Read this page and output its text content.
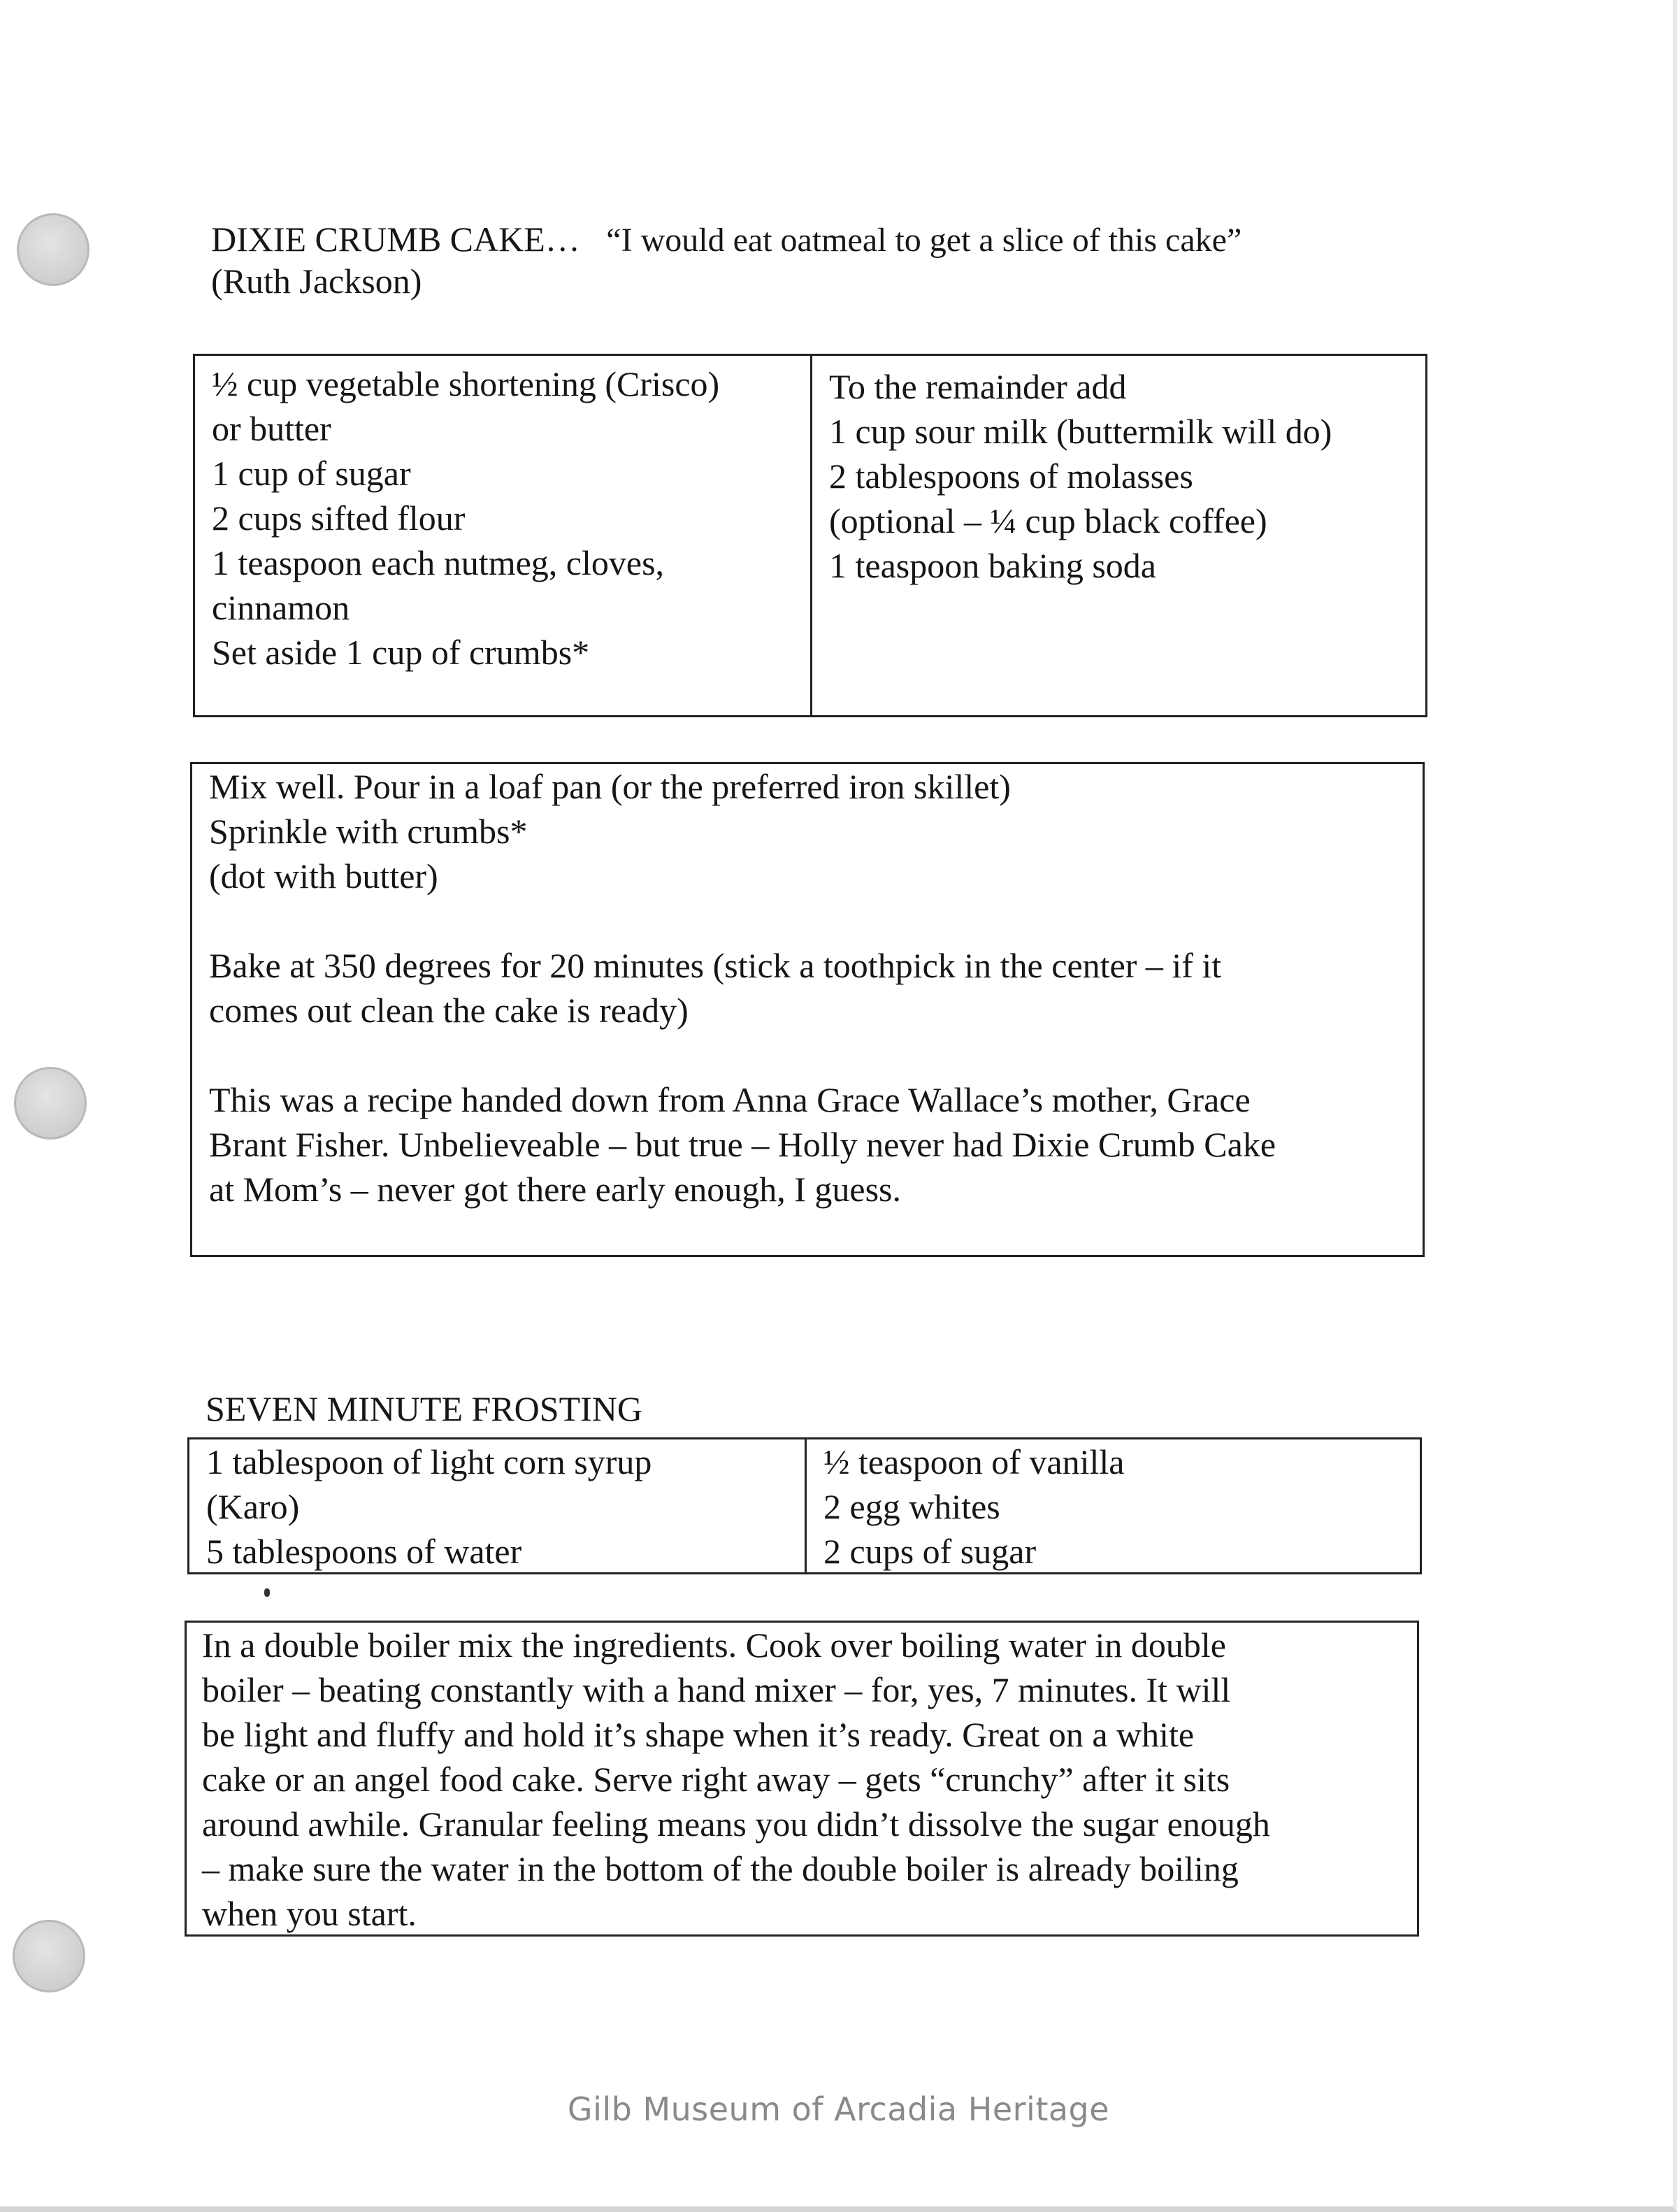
DIXIE CRUMB CAKE… “I would eat oatmeal to get a slice of this cake”
(Ruth Jackson)
½ cup vegetable shortening (Crisco)
or butter
1 cup of sugar
2 cups sifted flour
1 teaspoon each nutmeg, cloves,
cinnamon
Set aside 1 cup of crumbs*
To the remainder add
1 cup sour milk (buttermilk will do)
2 tablespoons of molasses
(optional – ¼ cup black coffee)
1 teaspoon baking soda
Mix well. Pour in a loaf pan (or the preferred iron skillet)
Sprinkle with crumbs*
(dot with butter)
Bake at 350 degrees for 20 minutes (stick a toothpick in the center – if it
comes out clean the cake is ready)
This was a recipe handed down from Anna Grace Wallace’s mother, Grace
Brant Fisher. Unbelieveable – but true – Holly never had Dixie Crumb Cake
at Mom’s – never got there early enough, I guess.
SEVEN MINUTE FROSTING
1 tablespoon of light corn syrup
(Karo)
5 tablespoons of water
½ teaspoon of vanilla
2 egg whites
2 cups of sugar
In a double boiler mix the ingredients. Cook over boiling water in double
boiler – beating constantly with a hand mixer – for, yes, 7 minutes. It will
be light and fluffy and hold it’s shape when it’s ready. Great on a white
cake or an angel food cake. Serve right away – gets “crunchy” after it sits
around awhile. Granular feeling means you didn’t dissolve the sugar enough
– make sure the water in the bottom of the double boiler is already boiling
when you start.
Gilb Museum of Arcadia Heritage
